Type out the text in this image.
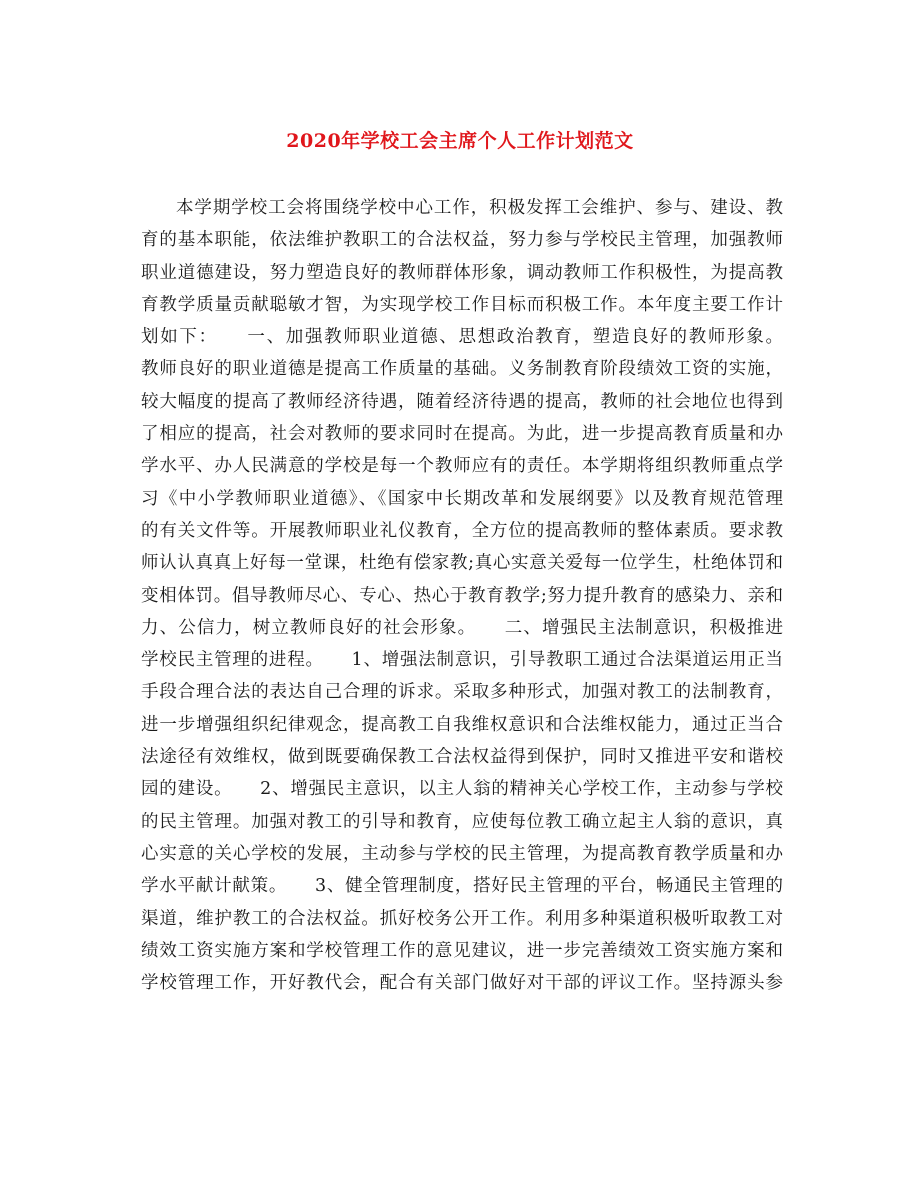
2020年学校工会主席个人工作计划范文
本学期学校工会将围绕学校中心工作，积极发挥工会维护、参与、建设、教
育的基本职能，依法维护教职工的合法权益，努力参与学校民主管理，加强教师
职业道德建设，努力塑造良好的教师群体形象，调动教师工作积极性，为提高教
育教学质量贡献聪敏才智，为实现学校工作目标而积极工作。本年度主要工作计
划如下：　　一、加强教师职业道德、思想政治教育，塑造良好的教师形象。
教师良好的职业道德是提高工作质量的基础。义务制教育阶段绩效工资的实施，
较大幅度的提高了教师经济待遇，随着经济待遇的提高，教师的社会地位也得到
了相应的提高，社会对教师的要求同时在提高。为此，进一步提高教育质量和办
学水平、办人民满意的学校是每一个教师应有的责任。本学期将组织教师重点学
习《中小学教师职业道德》、《国家中长期改革和发展纲要》以及教育规范管理
的有关文件等。开展教师职业礼仪教育，全方位的提高教师的整体素质。要求教
师认认真真上好每一堂课，杜绝有偿家教;真心实意关爱每一位学生，杜绝体罚和
变相体罚。倡导教师尽心、专心、热心于教育教学;努力提升教育的感染力、亲和
力、公信力，树立教师良好的社会形象。　　二、增强民主法制意识，积极推进
学校民主管理的进程。　　1、增强法制意识，引导教职工通过合法渠道运用正当
手段合理合法的表达自己合理的诉求。采取多种形式，加强对教工的法制教育，
进一步增强组织纪律观念，提高教工自我维权意识和合法维权能力，通过正当合
法途径有效维权，做到既要确保教工合法权益得到保护，同时又推进平安和谐校
园的建设。　　2、增强民主意识，以主人翁的精神关心学校工作，主动参与学校
的民主管理。加强对教工的引导和教育，应使每位教工确立起主人翁的意识，真
心实意的关心学校的发展，主动参与学校的民主管理，为提高教育教学质量和办
学水平献计献策。　　3、健全管理制度，搭好民主管理的平台，畅通民主管理的
渠道，维护教工的合法权益。抓好校务公开工作。利用多种渠道积极听取教工对
绩效工资实施方案和学校管理工作的意见建议，进一步完善绩效工资实施方案和
学校管理工作，开好教代会，配合有关部门做好对干部的评议工作。坚持源头参
